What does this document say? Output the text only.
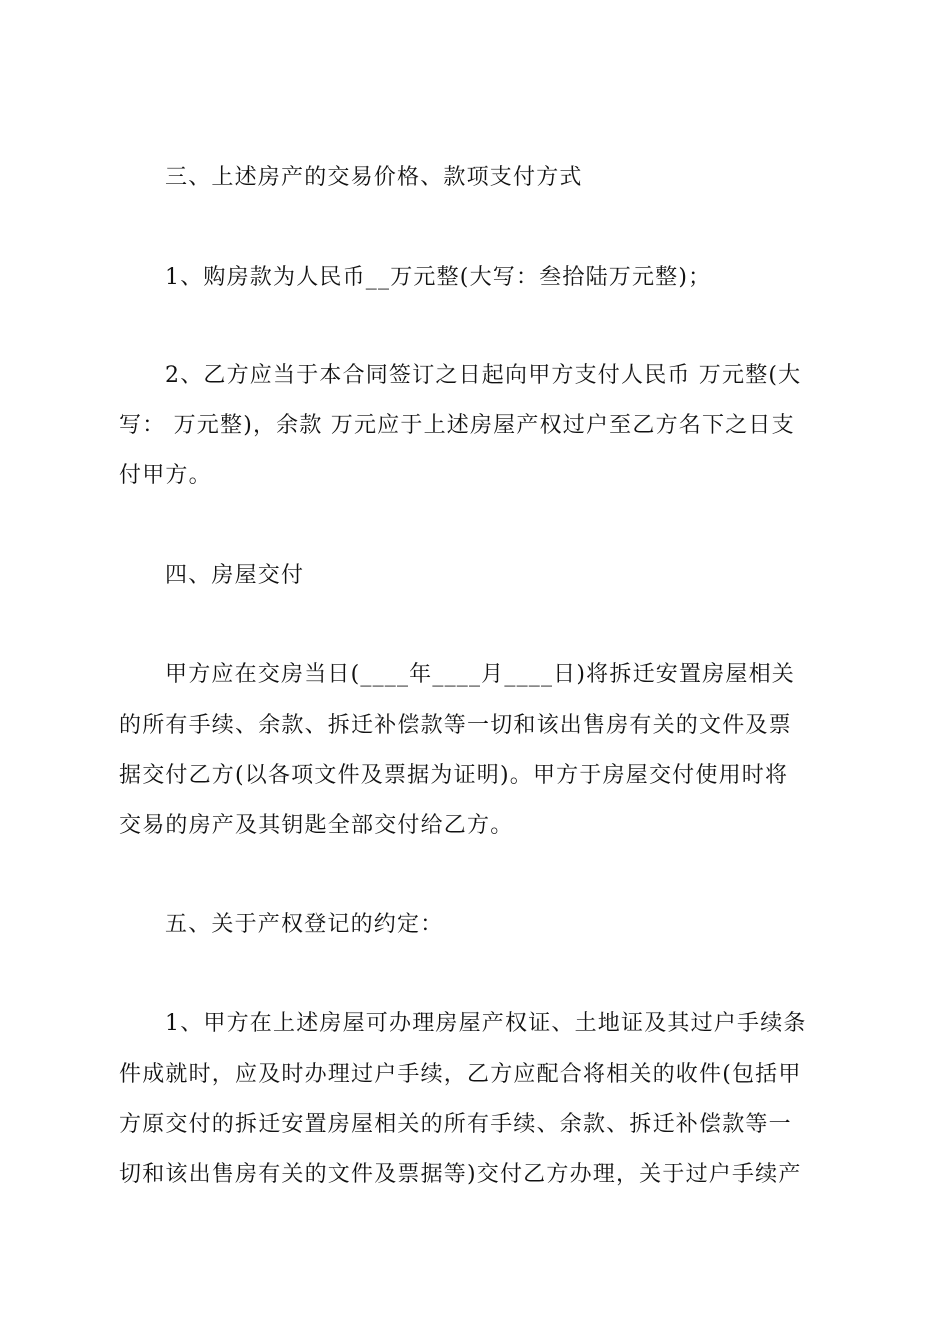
三、上述房产的交易价格、款项支付方式
1、购房款为人民币__万元整(大写：叁拾陆万元整)；
2、乙方应当于本合同签订之日起向甲方支付人民币 万元整(大
写： 万元整)，余款 万元应于上述房屋产权过户至乙方名下之日支
付甲方。
四、房屋交付
甲方应在交房当日(____年____月____日)将拆迁安置房屋相关
的所有手续、余款、拆迁补偿款等一切和该出售房有关的文件及票
据交付乙方(以各项文件及票据为证明)。甲方于房屋交付使用时将
交易的房产及其钥匙全部交付给乙方。
五、关于产权登记的约定：
1、甲方在上述房屋可办理房屋产权证、土地证及其过户手续条
件成就时，应及时办理过户手续，乙方应配合将相关的收件(包括甲
方原交付的拆迁安置房屋相关的所有手续、余款、拆迁补偿款等一
切和该出售房有关的文件及票据等)交付乙方办理，关于过户手续产
